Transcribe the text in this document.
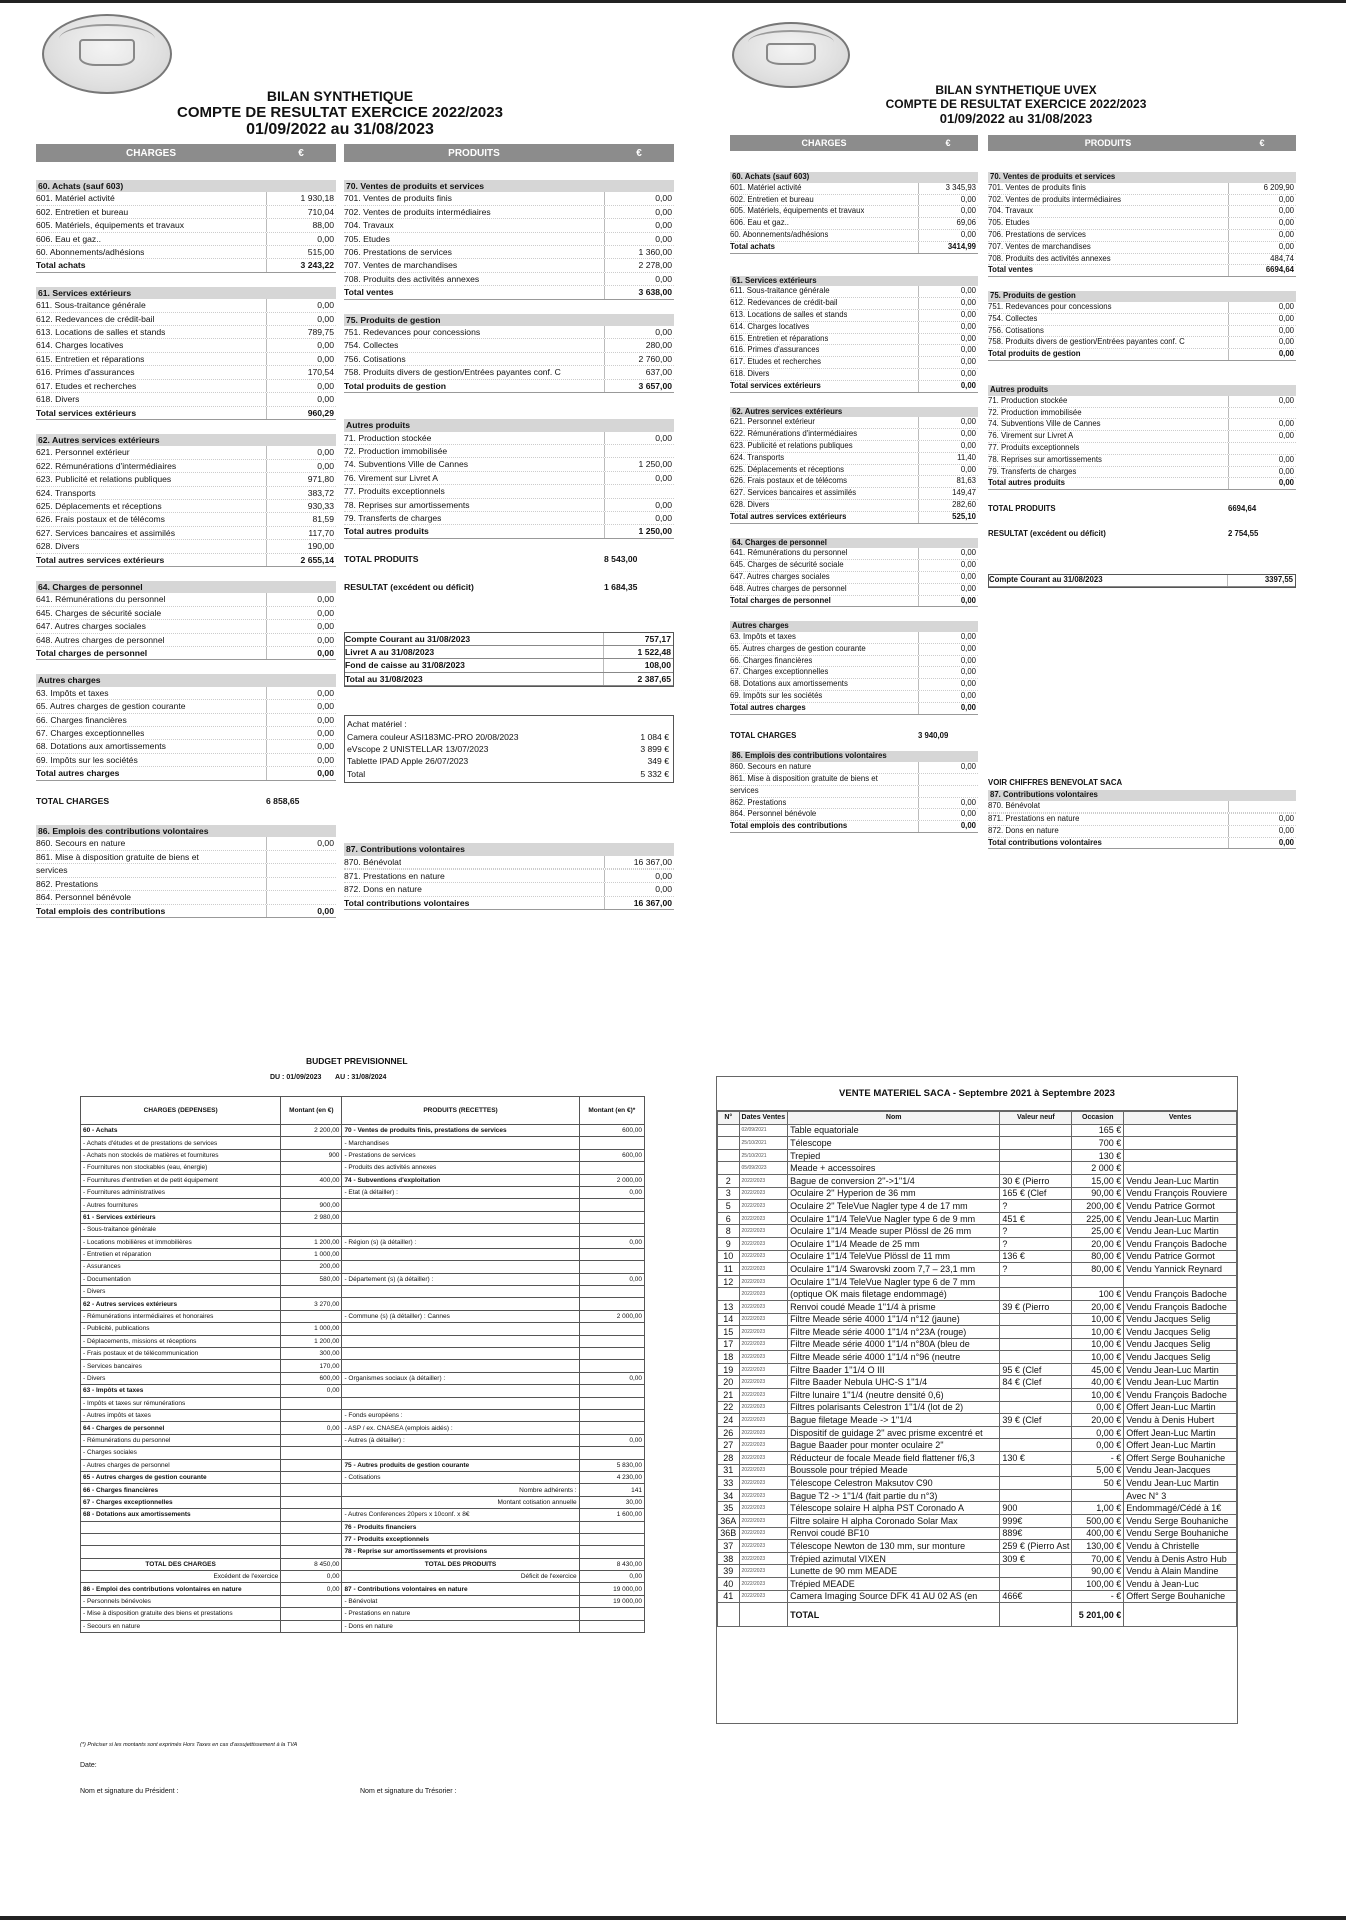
BILAN SYNTHETIQUE
COMPTE DE RESULTAT EXERCICE 2022/2023
01/09/2022 au 31/08/2023
CHARGES	€	PRODUITS	€
60. Achats (sauf 603)
601. Matériel activité	1 930,18
602. Entretien et bureau	710,04
605. Matériels, équipements et travaux	88,00
606. Eau et gaz..	0,00
60. Abonnements/adhésions	515,00
Total achats	3 243,22
61. Services extérieurs
611. Sous-traitance générale	0,00
612. Redevances de crédit-bail	0,00
613. Locations de salles et stands	789,75
614. Charges locatives	0,00
615. Entretien et réparations	0,00
616. Primes d'assurances	170,54
617. Etudes et recherches	0,00
618. Divers	0,00
Total services extérieurs	960,29
62. Autres services extérieurs
621. Personnel extérieur	0,00
622. Rémunérations d'intermédiaires	0,00
623. Publicité et relations publiques	971,80
624. Transports	383,72
625. Déplacements et réceptions	930,33
626. Frais postaux et de télécoms	81,59
627. Services bancaires et assimilés	117,70
628. Divers	190,00
Total autres services extérieurs	2 655,14
64. Charges de personnel
641. Rémunérations du personnel	0,00
645. Charges de sécurité sociale	0,00
647. Autres charges sociales	0,00
648. Autres charges de personnel	0,00
Total charges de personnel	0,00
Autres charges
63. Impôts et taxes	0,00
65. Autres charges de gestion courante	0,00
66. Charges financières	0,00
67. Charges exceptionnelles	0,00
68. Dotations aux amortissements	0,00
69. Impôts sur les sociétés	0,00
Total autres charges	0,00
TOTAL CHARGES	6 858,65
86. Emplois des contributions volontaires
860. Secours en nature	0,00
861. Mise à disposition gratuite de biens et
services
862. Prestations
864. Personnel bénévole
Total emplois des contributions	0,00
70. Ventes de produits et services
701. Ventes de produits finis	0,00
702. Ventes de produits intermédiaires	0,00
704. Travaux	0,00
705. Etudes	0,00
706. Prestations de services	1 360,00
707. Ventes de marchandises	2 278,00
708. Produits des activités annexes	0,00
Total ventes	3 638,00
75. Produits de gestion
751. Redevances pour concessions	0,00
754. Collectes	280,00
756. Cotisations	2 760,00
758. Produits divers de gestion/Entrées payantes conf. C	637,00
Total produits de gestion	3 657,00
Autres produits
71. Production stockée	0,00
72. Production immobilisée
74. Subventions Ville de Cannes	1 250,00
76. Virement sur Livret A	0,00
77. Produits exceptionnels
78. Reprises sur amortissements	0,00
79. Transferts de charges	0,00
Total autres produits	1 250,00
TOTAL PRODUITS	8 543,00
RESULTAT (excédent ou déficit)	1 684,35
Compte Courant au 31/08/2023	757,17
Livret A au 31/08/2023	1 522,48
Fond de caisse au 31/08/2023	108,00
Total au 31/08/2023	2 387,65
Achat matériel :
Camera couleur ASI183MC-PRO 20/08/2023	1 084 €
eVscope 2 UNISTELLAR 13/07/2023	3 899 €
Tablette IPAD Apple 26/07/2023	349 €
Total	5 332 €
87. Contributions volontaires
870. Bénévolat	16 367,00
871. Prestations en nature	0,00
872. Dons en nature	0,00
Total contributions volontaires	16 367,00
BILAN SYNTHETIQUE UVEX
COMPTE DE RESULTAT EXERCICE 2022/2023
01/09/2022 au 31/08/2023
CHARGES	€	PRODUITS	€
60. Achats (sauf 603)
601. Matériel activité	3 345,93
602. Entretien et bureau	0,00
605. Matériels, équipements et travaux	0,00
606. Eau et gaz..	69,06
60. Abonnements/adhésions	0,00
Total achats	3414,99
61. Services extérieurs
611. Sous-traitance générale	0,00
612. Redevances de crédit-bail	0,00
613. Locations de salles et stands	0,00
614. Charges locatives	0,00
615. Entretien et réparations	0,00
616. Primes d'assurances	0,00
617. Etudes et recherches	0,00
618. Divers	0,00
Total services extérieurs	0,00
62. Autres services extérieurs
621. Personnel extérieur	0,00
622. Rémunérations d'intermédiaires	0,00
623. Publicité et relations publiques	0,00
624. Transports	11,40
625. Déplacements et réceptions	0,00
626. Frais postaux et de télécoms	81,63
627. Services bancaires et assimilés	149,47
628. Divers	282,60
Total autres services extérieurs	525,10
64. Charges de personnel
641. Rémunérations du personnel	0,00
645. Charges de sécurité sociale	0,00
647. Autres charges sociales	0,00
648. Autres charges de personnel	0,00
Total charges de personnel	0,00
Autres charges
63. Impôts et taxes	0,00
65. Autres charges de gestion courante	0,00
66. Charges financières	0,00
67. Charges exceptionnelles	0,00
68. Dotations aux amortissements	0,00
69. Impôts sur les sociétés	0,00
Total autres charges	0,00
TOTAL CHARGES	3 940,09
86. Emplois des contributions volontaires
860. Secours en nature	0,00
861. Mise à disposition gratuite de biens et
services
862. Prestations	0,00
864. Personnel bénévole	0,00
Total emplois des contributions	0,00
70. Ventes de produits et services
701. Ventes de produits finis	6 209,90
702. Ventes de produits intermédiaires	0,00
704. Travaux	0,00
705. Etudes	0,00
706. Prestations de services	0,00
707. Ventes de marchandises	0,00
708. Produits des activités annexes	484,74
Total ventes	6694,64
75. Produits de gestion
751. Redevances pour concessions	0,00
754. Collectes	0,00
756. Cotisations	0,00
758. Produits divers de gestion/Entrées payantes conf. C	0,00
Total produits de gestion	0,00
Autres produits
71. Production stockée	0,00
72. Production immobilisée
74. Subventions Ville de Cannes	0,00
76. Virement sur Livret A	0,00
77. Produits exceptionnels
78. Reprises sur amortissements	0,00
79. Transferts de charges	0,00
Total autres produits	0,00
TOTAL PRODUITS	6694,64
RESULTAT (excédent ou déficit)	2 754,55
Compte Courant au 31/08/2023	3397,55
VOIR CHIFFRES BENEVOLAT SACA
87. Contributions volontaires
870. Bénévolat
871. Prestations en nature	0,00
872. Dons en nature	0,00
Total contributions volontaires	0,00
BUDGET PREVISIONNEL
DU : 01/09/2023 AU : 31/08/2024
CHARGES (DEPENSES)	Montant (en €)	PRODUITS (RECETTES)	Montant (en €)*
60 - Achats	2 200,00	70 - Ventes de produits finis, prestations de services	600,00
- Achats d'études et de prestations de services		- Marchandises	
- Achats non stockés de matières et fournitures	900	- Prestations de services	600,00
- Fournitures non stockables (eau, énergie)		- Produits des activités annexes	
- Fournitures d'entretien et de petit équipement	400,00	74 - Subventions d'exploitation	2 000,00
- Fournitures administratives		- Etat (à détailler) :	0,00
- Autres fournitures	900,00		
61 - Services extérieurs	2 980,00		
- Sous-traitance générale			
- Locations mobilières et immobilières	1 200,00	- Région (s) (à détailler) :	0,00
- Entretien et réparation	1 000,00		
- Assurances	200,00		
- Documentation	580,00	- Département (s) (à détailler) :	0,00
- Divers			
62 - Autres services extérieurs	3 270,00		
- Rémunérations intermédiaires et honoraires		- Commune (s) (à détailler) : Cannes	2 000,00
- Publicité, publications	1 000,00		
- Déplacements, missions et réceptions	1 200,00		
- Frais postaux et de télécommunication	300,00		
- Services bancaires	170,00		
- Divers	600,00	- Organismes sociaux (à détailler) :	0,00
63 - Impôts et taxes	0,00		
- Impôts et taxes sur rémunérations			
- Autres impôts et taxes		- Fonds européens :	
64 - Charges de personnel	0,00	- ASP / ex. CNASEA (emplois aidés) :	
- Rémunérations du personnel		- Autres (à détailler) :	0,00
- Charges sociales			
- Autres charges de personnel		75 - Autres produits de gestion courante	5 830,00
65 - Autres charges de gestion courante		- Cotisations	4 230,00
66 - Charges financières		Nombre adhérents :	141
67 - Charges exceptionnelles		Montant cotisation annuelle	30,00
68 - Dotations aux amortissements		- Autres Conferences 20pers x 10conf. x 8€	1 600,00
		76 - Produits financiers	
		77 - Produits exceptionnels	
		78 - Reprise sur amortissements et provisions	
TOTAL DES CHARGES	8 450,00	TOTAL DES PRODUITS	8 430,00
Excédent de l'exercice	0,00	Déficit de l'exercice	0,00
86 - Emploi des contributions volontaires en nature	0,00	87 - Contributions volontaires en nature	19 000,00
- Personnels bénévoles		- Bénévolat	19 000,00
- Mise à disposition gratuite des biens et prestations		- Prestations en nature	
- Secours en nature		- Dons en nature	
(*) Préciser si les montants sont exprimés Hors Taxes en cas d'assujettissement à la TVA
Date:
Nom et signature du Président :	Nom et signature du Trésorier :
VENTE MATERIEL SACA - Septembre 2021 à Septembre 2023
N°	Dates Ventes	Nom	Valeur neuf	Occasion	Ventes
	02/09/2021	Table equatoriale		165 €	
	25/10/2021	Télescope		700 €	
	25/10/2021	Trepied		130 €	
	05/09/2023	Meade + accessoires		2 000 €	
2	2022/2023	Bague de conversion 2''->1''1/4	30 € (Pierro	15,00 €	Vendu Jean-Luc Martin
3	2022/2023	Oculaire 2'' Hyperion de 36 mm	165 € (Clef	90,00 €	Vendu François Rouviere
5	2022/2023	Oculaire 2'' TeleVue Nagler type 4 de 17 mm	?	200,00 €	Vendu Patrice Gormot
6	2022/2023	Oculaire 1''1/4 TeleVue Nagler type 6 de 9 mm	451 €	225,00 €	Vendu Jean-Luc Martin
8	2022/2023	Oculaire 1''1/4 Meade super Plössl de 26 mm	?	25,00 €	Vendu Jean-Luc Martin
9	2022/2023	Oculaire 1''1/4 Meade de 25 mm	?	20,00 €	Vendu François Badoche
10	2022/2023	Oculaire 1''1/4 TeleVue Plössl de 11 mm	136 €	80,00 €	Vendu Patrice Gormot
11	2022/2023	Oculaire 1''1/4 Swarovski zoom 7,7 – 23,1 mm	?	80,00 €	Vendu Yannick Reynard
12	2022/2023	Oculaire 1''1/4 TeleVue Nagler type 6 de 7 mm			
	2022/2023	(optique OK mais filetage endommagé)		100 €	Vendu François Badoche
13	2022/2023	Renvoi coudé Meade 1''1/4 à prisme	39 € (Pierro	20,00 €	Vendu François Badoche
14	2022/2023	Filtre Meade série 4000 1''1/4 n°12 (jaune)		10,00 €	Vendu Jacques Selig
15	2022/2023	Filtre Meade série 4000 1''1/4 n°23A (rouge)		10,00 €	Vendu Jacques Selig
17	2022/2023	Filtre Meade série 4000 1''1/4 n°80A (bleu de		10,00 €	Vendu Jacques Selig
18	2022/2023	Filtre Meade série 4000 1''1/4 n°96 (neutre		10,00 €	Vendu Jacques Selig
19	2022/2023	Filtre Baader 1''1/4 O III	95 € (Clef	45,00 €	Vendu Jean-Luc Martin
20	2022/2023	Filtre Baader Nebula UHC-S 1''1/4	84 € (Clef	40,00 €	Vendu Jean-Luc Martin
21	2022/2023	Filtre lunaire 1''1/4 (neutre densité 0,6)		10,00 €	Vendu François Badoche
22	2022/2023	Filtres polarisants Celestron 1''1/4 (lot de 2)		0,00 €	Offert Jean-Luc Martin
24	2022/2023	Bague filetage Meade -> 1''1/4	39 € (Clef	20,00 €	Vendu à Denis Hubert
26	2022/2023	Dispositif de guidage 2'' avec prisme excentré et		0,00 €	Offert Jean-Luc Martin
27	2022/2023	Bague Baader pour monter oculaire 2''		0,00 €	Offert Jean-Luc Martin
28	2022/2023	Réducteur de focale Meade field flattener f/6,3	130 €	- €	Offert Serge Bouhaniche
31	2022/2023	Boussole pour trépied Meade		5,00 €	Vendu Jean-Jacques
33	2022/2023	Télescope Celestron Maksutov C90		50 €	Vendu Jean-Luc Martin
34	2022/2023	Bague T2 -> 1''1/4 (fait partie du n°3)			Avec N° 3
35	2022/2023	Télescope solaire H alpha PST Coronado A	900	1,00 €	Endommagé/Cédé à 1€
36A	2022/2023	Filtre solaire H alpha Coronado Solar Max	999€	500,00 €	Vendu Serge Bouhaniche
36B	2022/2023	Renvoi coudé BF10	889€	400,00 €	Vendu Serge Bouhaniche
37	2022/2023	Télescope Newton de 130 mm, sur monture	259 € (Pierro Ast	130,00 €	Vendu à Christelle
38	2022/2023	Trépied azimutal VIXEN	309 €	70,00 €	Vendu à Denis Astro Hub
39	2022/2023	Lunette de 90 mm MEADE		90,00 €	Vendu à Alain Mandine
40	2022/2023	Trépied MEADE		100,00 €	Vendu à Jean-Luc
41	2022/2023	Camera Imaging Source DFK 41 AU 02 AS (en	466€	- €	Offert Serge Bouhaniche
		TOTAL		5 201,00 €	
